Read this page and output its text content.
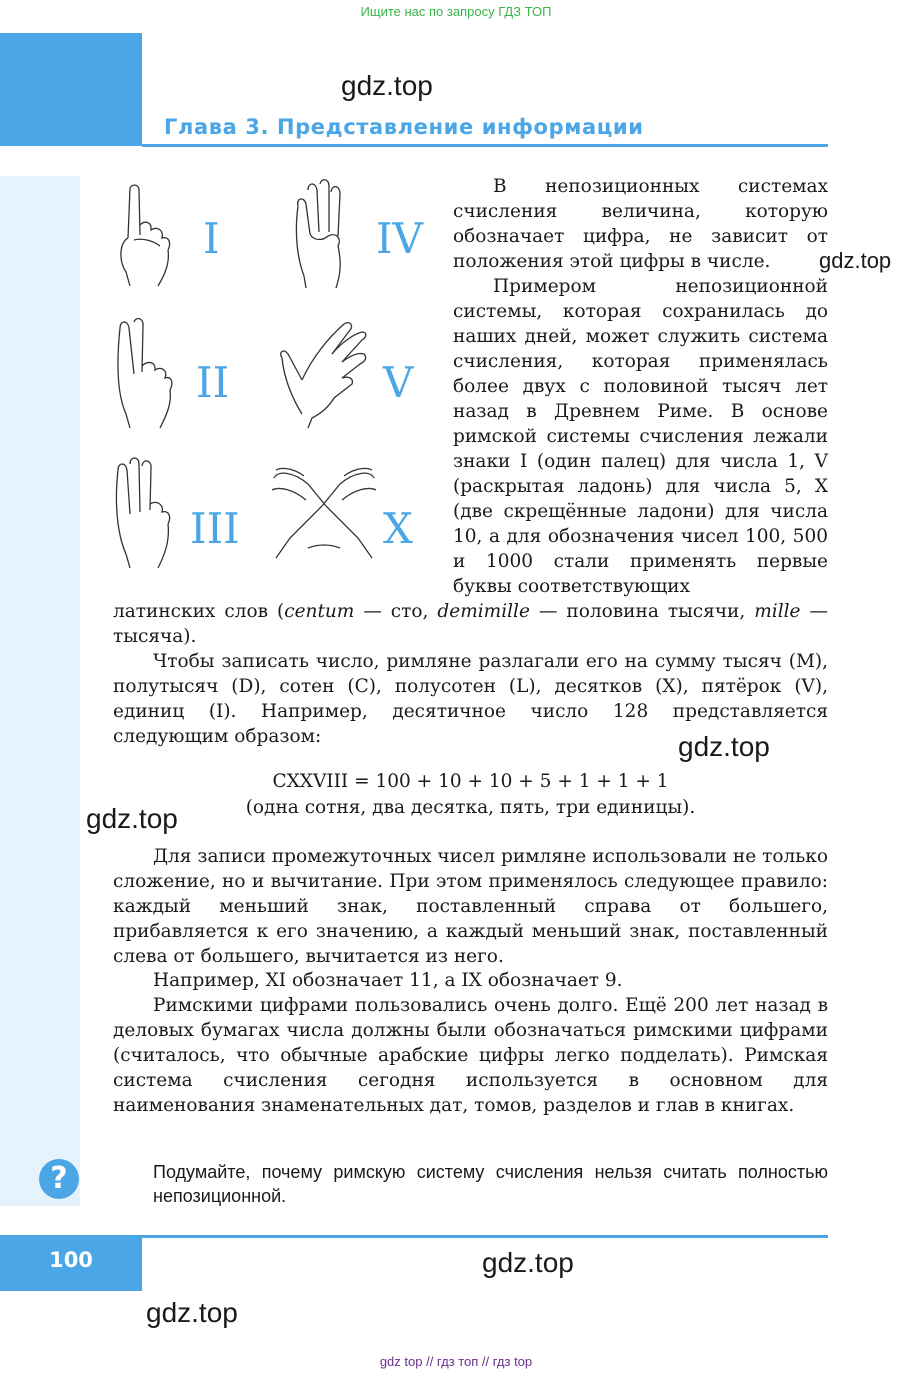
Ищите нас по запросу ГДЗ ТОП
Глава 3. Представление информации
gdz.top
I	IV
II	V
III	X
В непозиционных системах счисления величина, которую обозначает цифра, не зависит от положения этой цифры в числе.	gdz.top
Примером непозиционной системы, которая сохранилась до наших дней, может служить система счисления, которая применялась более двух с половиной тысяч лет назад в Древнем Риме. В основе римской системы счисления лежали знаки I (один палец) для числа 1, V (раскрытая ладонь) для числа 5, X (две скрещённые ладони) для числа 10, а для обозначения чисел 100, 500 и 1000 стали применять первые буквы соответствующих
латинских слов (centum — сто, demimille — половина тысячи, mille — тысяча).
Чтобы записать число, римляне разлагали его на сумму тысяч (M), полутысяч (D), сотен (C), полусотен (L), десятков (X), пятёрок (V), единиц (I). Например, десятичное число 128 представляется следующим образом:	gdz.top
CXXVIII = 100 + 10 + 10 + 5 + 1 + 1 + 1
(одна сотня, два десятка, пять, три единицы).
gdz.top
Для записи промежуточных чисел римляне использовали не только сложение, но и вычитание. При этом применялось следующее правило: каждый меньший знак, поставленный справа от большего, прибавляется к его значению, а каждый меньший знак, поставленный слева от большего, вычитается из него.
Например, XI обозначает 11, а IX обозначает 9.
Римскими цифрами пользовались очень долго. Ещё 200 лет назад в деловых бумагах числа должны были обозначаться римскими цифрами (считалось, что обычные арабские цифры легко подделать). Римская система счисления сегодня используется в основном для наименования знаменательных дат, томов, разделов и глав в книгах.
?	Подумайте, почему римскую систему счисления нельзя считать полностью непозиционной.
100	gdz.top
gdz.top
gdz top // гдз топ // гдз top
